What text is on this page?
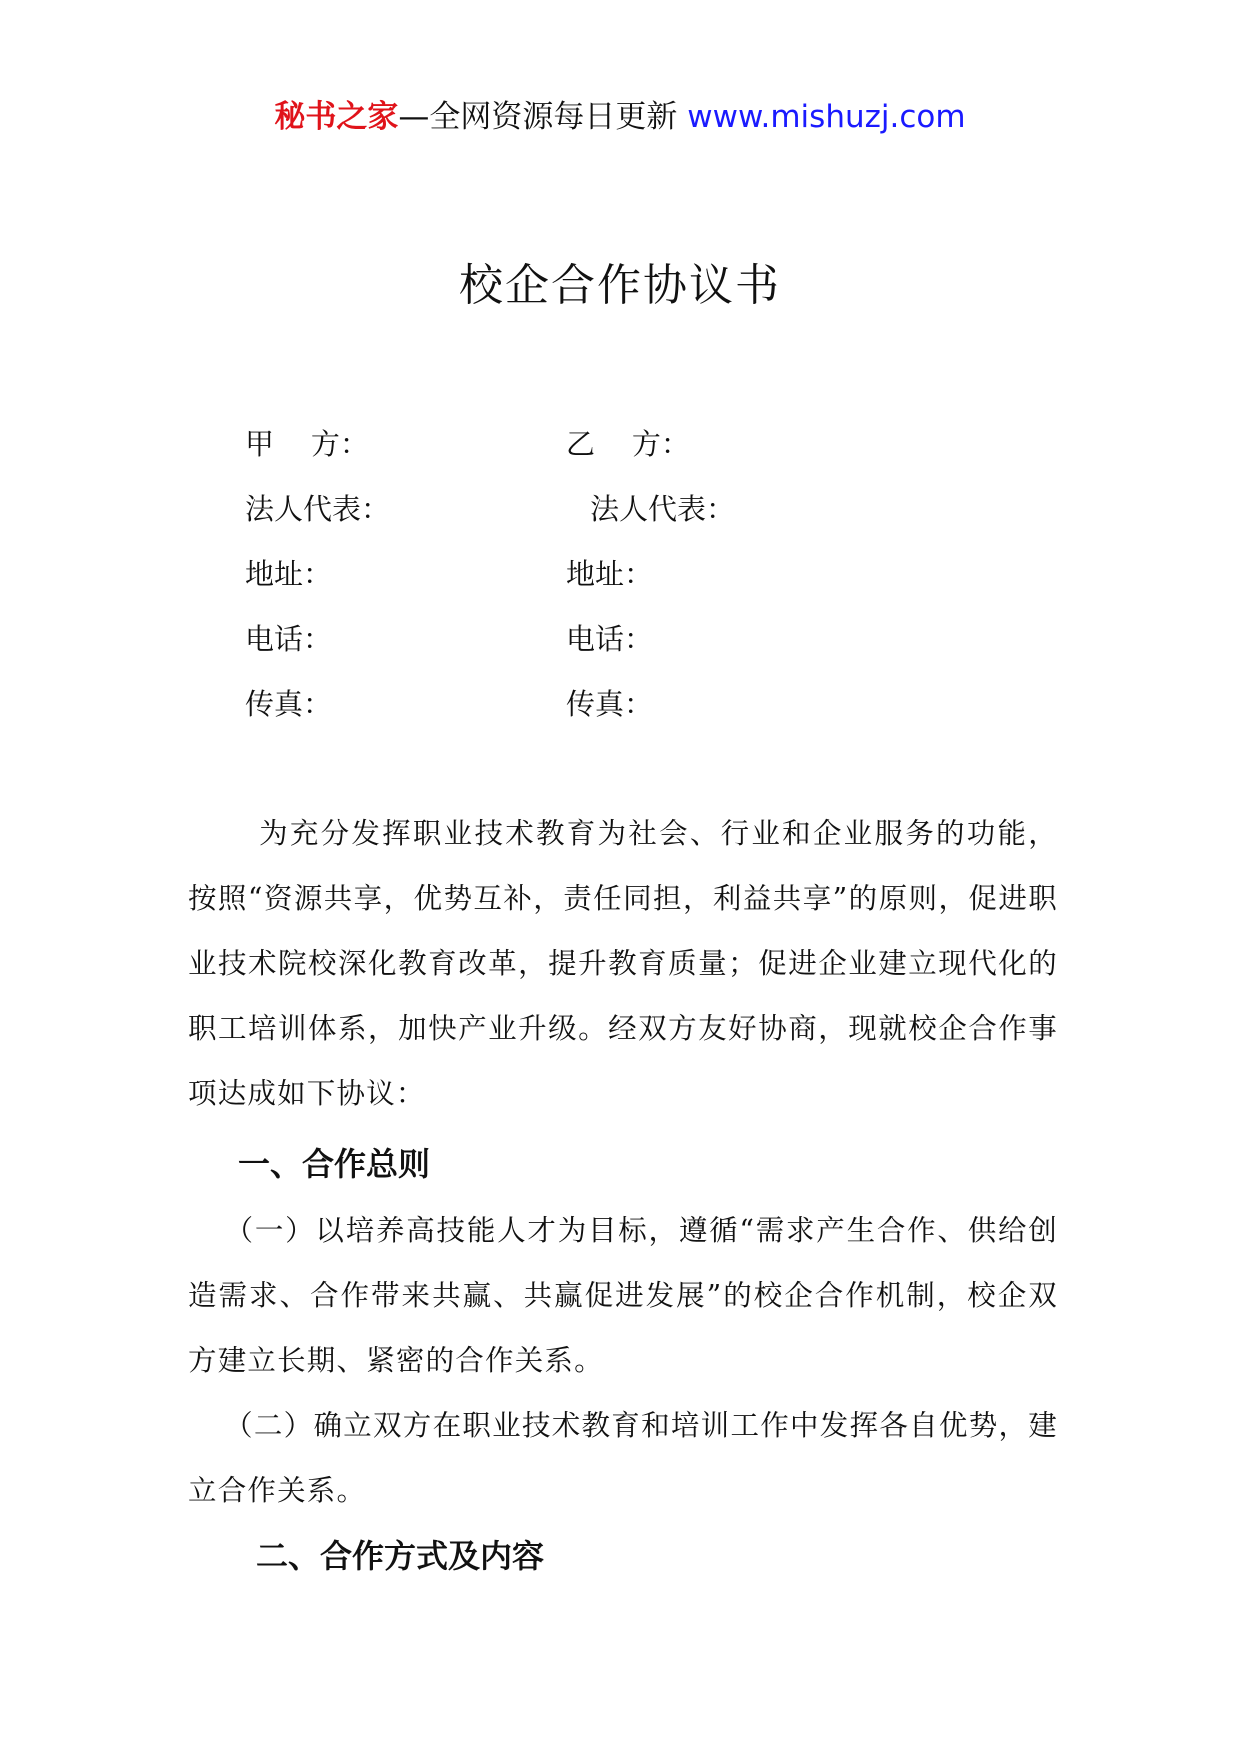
秘书之家—全网资源每日更新 www.mishuzj.com
校企合作协议书
甲    方：	乙    方：
法人代表：	法人代表：
地址：	地址：
电话：	电话：
传真：	传真：
为充分发挥职业技术教育为社会、行业和企业服务的功能，按照“资源共享，优势互补，责任同担，利益共享”的原则，促进职业技术院校深化教育改革，提升教育质量；促进企业建立现代化的职工培训体系，加快产业升级。经双方友好协商，现就校企合作事项达成如下协议：
一、合作总则
（一）以培养高技能人才为目标，遵循“需求产生合作、供给创造需求、合作带来共赢、共赢促进发展”的校企合作机制，校企双方建立长期、紧密的合作关系。
（二）确立双方在职业技术教育和培训工作中发挥各自优势，建立合作关系。
二、合作方式及内容
